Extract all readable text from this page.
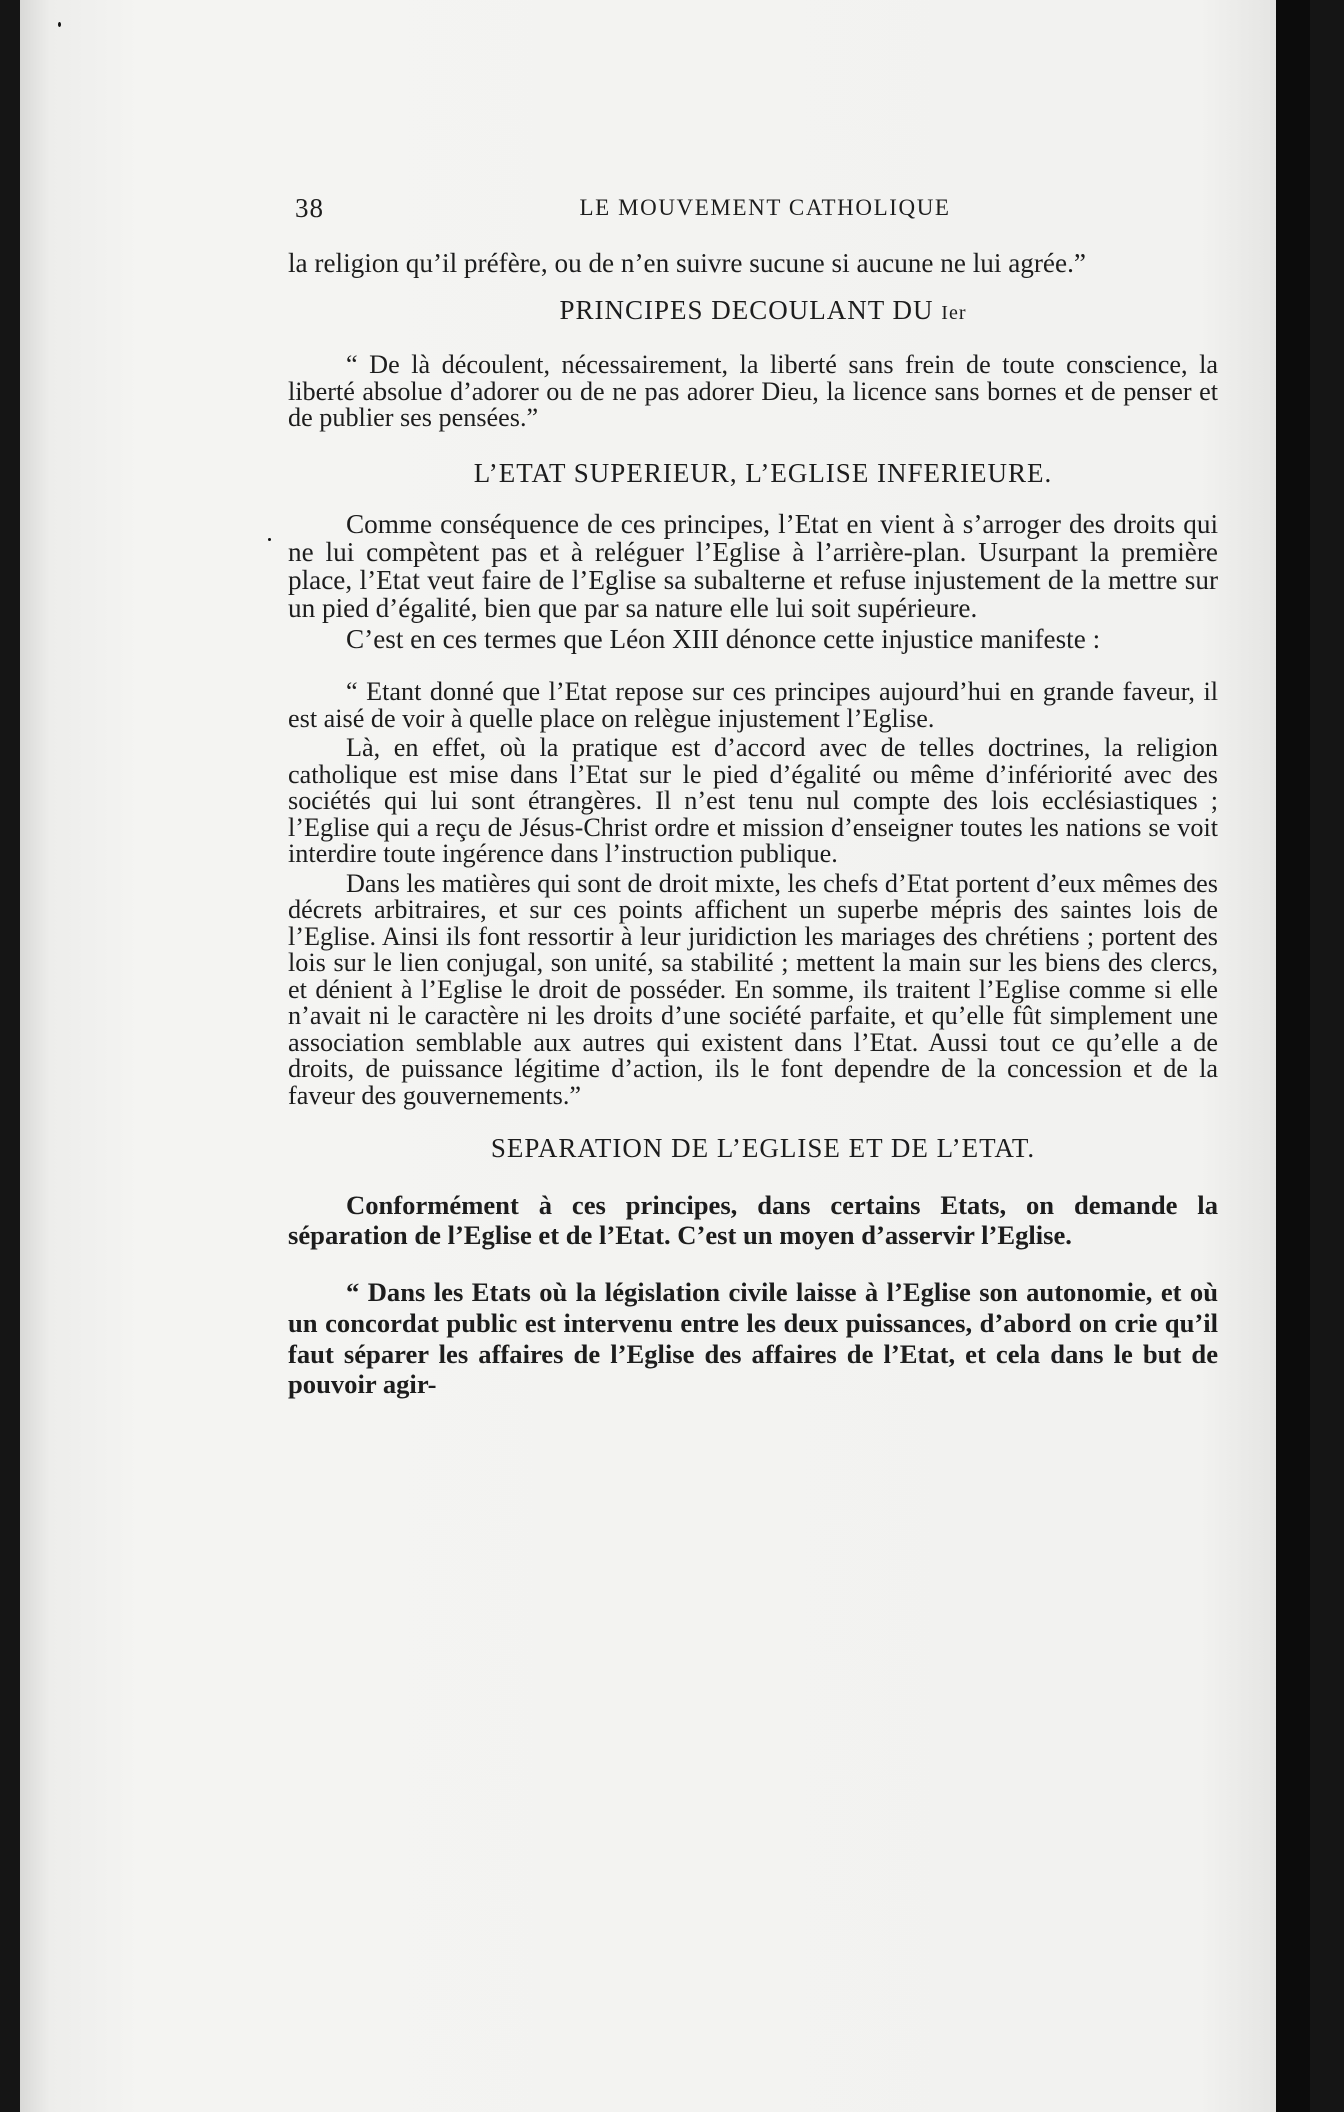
38	LE MOUVEMENT CATHOLIQUE

la religion qu’il préfère, ou de n’en suivre sucune si aucune ne lui agrée.”

PRINCIPES DECOULANT DU Ier

“ De là découlent, nécessairement, la liberté sans frein de toute conscience, la liberté absolue d’adorer ou de ne pas adorer Dieu, la licence sans bornes et de penser et de publier ses pensées.”

L’ETAT SUPERIEUR, L’EGLISE INFERIEURE.

Comme conséquence de ces principes, l’Etat en vient à s’arroger des droits qui ne lui compètent pas et à reléguer l’Eglise à l’arrière-plan. Usurpant la première place, l’Etat veut faire de l’Eglise sa subalterne et refuse injustement de la mettre sur un pied d’égalité, bien que par sa nature elle lui soit supérieure.

C’est en ces termes que Léon XIII dénonce cette injustice manifeste :

“ Etant donné que l’Etat repose sur ces principes aujourd’hui en grande faveur, il est aisé de voir à quelle place on relègue injustement l’Eglise.

Là, en effet, où la pratique est d’accord avec de telles doctrines, la religion catholique est mise dans l’Etat sur le pied d’égalité ou même d’infériorité avec des sociétés qui lui sont étrangères. Il n’est tenu nul compte des lois ecclésiastiques ; l’Eglise qui a reçu de Jésus-Christ ordre et mission d’enseigner toutes les nations se voit interdire toute ingérence dans l’instruction publique.

Dans les matières qui sont de droit mixte, les chefs d’Etat portent d’eux mêmes des décrets arbitraires, et sur ces points affichent un superbe mépris des saintes lois de l’Eglise. Ainsi ils font ressortir à leur juridiction les mariages des chrétiens ; portent des lois sur le lien conjugal, son unité, sa stabilité ; mettent la main sur les biens des clercs, et dénient à l’Eglise le droit de posséder. En somme, ils traitent l’Eglise comme si elle n’avait ni le caractère ni les droits d’une société parfaite, et qu’elle fût simplement une association semblable aux autres qui existent dans l’Etat. Aussi tout ce qu’elle a de droits, de puissance légitime d’action, ils le font dependre de la concession et de la faveur des gouvernements.”

SEPARATION DE L’EGLISE ET DE L’ETAT.

Conformément à ces principes, dans certains Etats, on demande la séparation de l’Eglise et de l’Etat. C’est un moyen d’asservir l’Eglise.

“ Dans les Etats où la législation civile laisse à l’Eglise son autonomie, et où un concordat public est intervenu entre les deux puissances, d’abord on crie qu’il faut séparer les affaires de l’Eglise des affaires de l’Etat, et cela dans le but de pouvoir agir-
